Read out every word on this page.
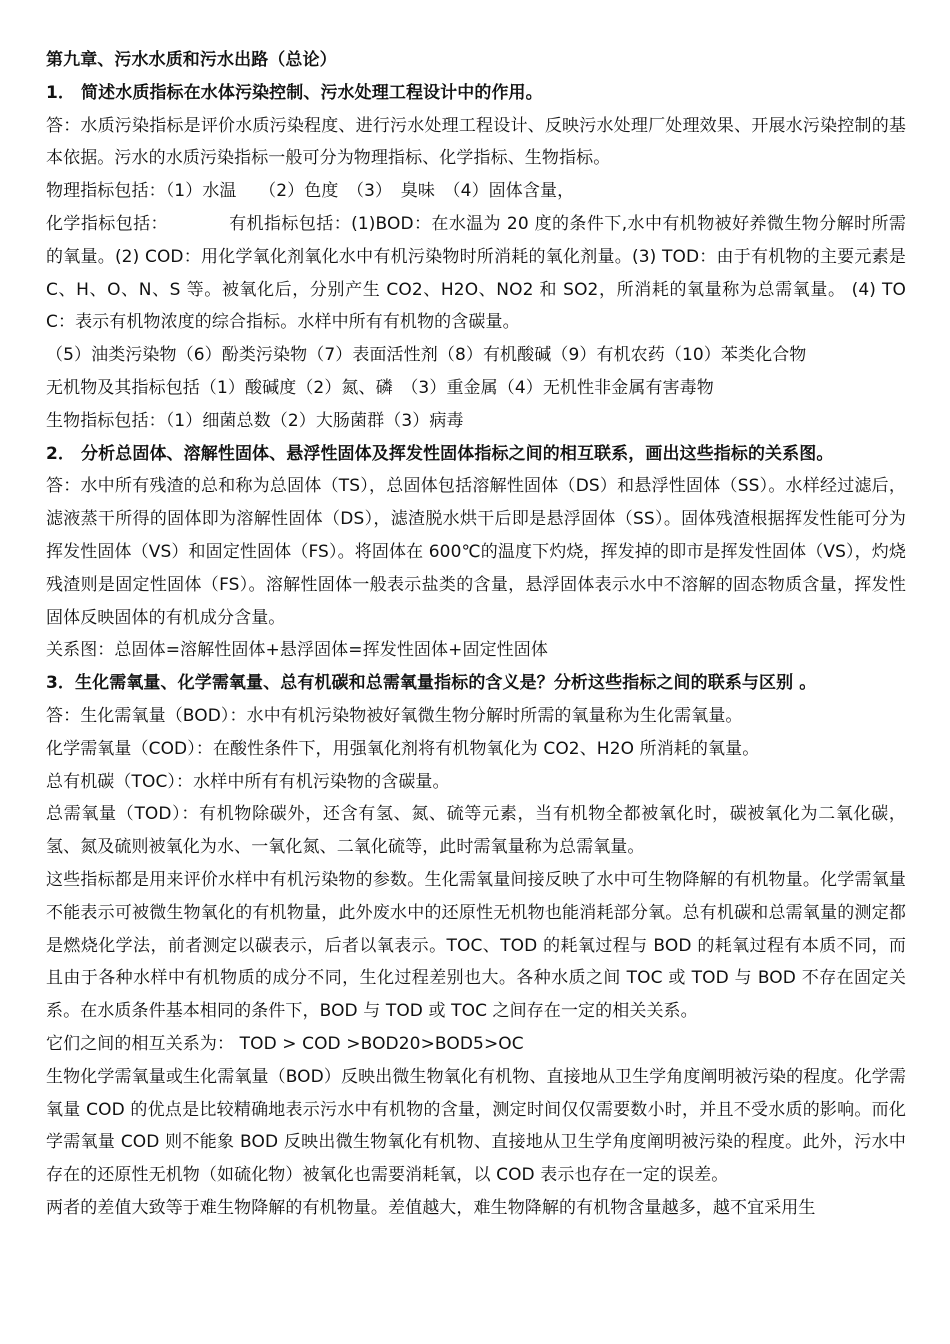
第九章、污水水质和污水出路（总论）

1． 简述水质指标在水体污染控制、污水处理工程设计中的作用。

答：水质污染指标是评价水质污染程度、进行污水处理工程设计、反映污水处理厂处理效果、开展水污染控制的基本依据。污水的水质污染指标一般可分为物理指标、化学指标、生物指标。

物理指标包括：（1）水温　 （2）色度　（3）　臭味　（4）固体含量，

化学指标包括：　　　　有机指标包括：(1)BOD：在水温为 20 度的条件下,水中有机物被好养微生物分解时所需的氧量。(2) COD：用化学氧化剂氧化水中有机污染物时所消耗的氧化剂量。(3) TOD：由于有机物的主要元素是 C、H、O、N、S 等。被氧化后，分别产生 CO2、H2O、NO2 和 SO2，所消耗的氧量称为总需氧量。 (4) TOC：表示有机物浓度的综合指标。水样中所有有机物的含碳量。

（5）油类污染物（6）酚类污染物（7）表面活性剂（8）有机酸碱（9）有机农药（10）苯类化合物

无机物及其指标包括（1）酸碱度（2）氮、磷　（3）重金属（4）无机性非金属有害毒物

生物指标包括：（1）细菌总数（2）大肠菌群（3）病毒

2． 分析总固体、溶解性固体、悬浮性固体及挥发性固体指标之间的相互联系，画出这些指标的关系图。

答：水中所有残渣的总和称为总固体（TS），总固体包括溶解性固体（DS）和悬浮性固体（SS）。水样经过滤后，滤液蒸干所得的固体即为溶解性固体（DS），滤渣脱水烘干后即是悬浮固体（SS）。固体残渣根据挥发性能可分为挥发性固体（VS）和固定性固体（FS）。将固体在 600℃的温度下灼烧，挥发掉的即市是挥发性固体（VS），灼烧残渣则是固定性固体（FS）。溶解性固体一般表示盐类的含量，悬浮固体表示水中不溶解的固态物质含量，挥发性固体反映固体的有机成分含量。

关系图：总固体=溶解性固体+悬浮固体=挥发性固体+固定性固体

3．生化需氧量、化学需氧量、总有机碳和总需氧量指标的含义是？分析这些指标之间的联系与区别 。

答：生化需氧量（BOD）：水中有机污染物被好氧微生物分解时所需的氧量称为生化需氧量。

化学需氧量（COD）：在酸性条件下，用强氧化剂将有机物氧化为 CO2、H2O 所消耗的氧量。

总有机碳（TOC）：水样中所有有机污染物的含碳量。

总需氧量（TOD）：有机物除碳外，还含有氢、氮、硫等元素，当有机物全都被氧化时，碳被氧化为二氧化碳，氢、氮及硫则被氧化为水、一氧化氮、二氧化硫等，此时需氧量称为总需氧量。

这些指标都是用来评价水样中有机污染物的参数。生化需氧量间接反映了水中可生物降解的有机物量。化学需氧量不能表示可被微生物氧化的有机物量，此外废水中的还原性无机物也能消耗部分氧。总有机碳和总需氧量的测定都是燃烧化学法，前者测定以碳表示，后者以氧表示。TOC、TOD 的耗氧过程与 BOD 的耗氧过程有本质不同，而且由于各种水样中有机物质的成分不同，生化过程差别也大。各种水质之间 TOC 或 TOD 与 BOD 不存在固定关系。在水质条件基本相同的条件下，BOD 与 TOD 或 TOC 之间存在一定的相关关系。

它们之间的相互关系为： TOD > COD >BOD20>BOD5>OC

生物化学需氧量或生化需氧量（BOD）反映出微生物氧化有机物、直接地从卫生学角度阐明被污染的程度。化学需氧量 COD 的优点是比较精确地表示污水中有机物的含量，测定时间仅仅需要数小时，并且不受水质的影响。而化学需氧量 COD 则不能象 BOD 反映出微生物氧化有机物、直接地从卫生学角度阐明被污染的程度。此外，污水中存在的还原性无机物（如硫化物）被氧化也需要消耗氧，以 COD 表示也存在一定的误差。

两者的差值大致等于难生物降解的有机物量。差值越大，难生物降解的有机物含量越多，越不宜采用生
